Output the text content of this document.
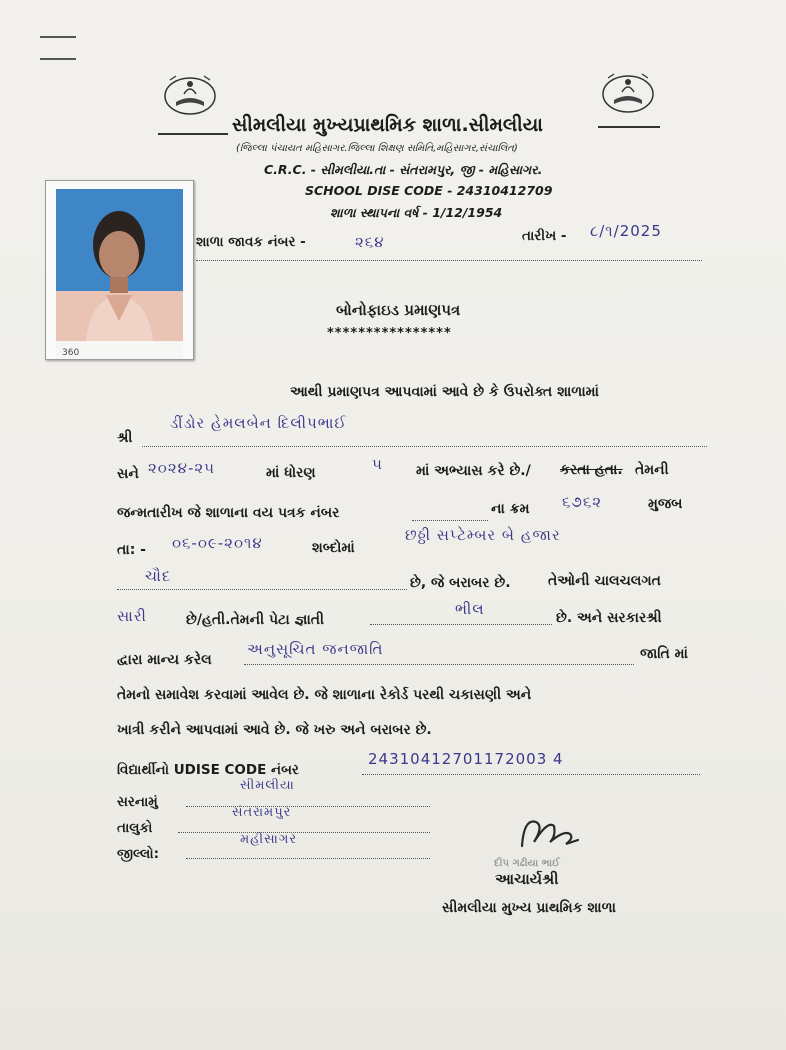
સીમલીયા મુખ્યપ્રાથમિક શાળા.સીમલીયા
(જિલ્લા પંચાયત મહિસાગર.જિલ્લા શિક્ષણ સમિતિ,મહિસાગર,સંચાલિત)
C.R.C. - સીમલીયા.તા - સંતરામપુર, જી - મહિસાગર.
SCHOOL DISE CODE - 24310412709
શાળા સ્થાપના વર્ષ - 1/12/1954
360
શાળા જાવક નંબર -	૨૬૪	તારીખ - ૮/૧/2025
બોનોફાઇડ પ્રમાણપત્ર
****************
આથી પ્રમાણપત્ર આપવામાં આવે છે કે ઉપરોક્ત શાળામાં
શ્રી
ડીંડોર હેમલબેન દિલીપભાઈ
સને ૨૦૨૪-૨૫	માં ધોરણ	૫ માં અભ્યાસ કરે છે./ કરતા હતા. તેમની
જન્મતારીખ જે શાળાના વય પત્રક નંબર	ના ક્રમ ૬૭૬૨	મુજબ
તા: - ૦૬-૦૯-૨૦૧૪	શબ્દોમાં
છઠ્ઠી સપ્ટેમ્બર બે હજાર
ચૌદ	છે, જે બરાબર છે.	તેઓની ચાલચલગત
સારી	છે/હતી.તેમની પેટા જ્ઞાતી
ભીલ	છે. અને સરકારશ્રી
દ્વારા માન્ય કરેલ
અનુસૂચિત જનજાતિ	જાતિ માં
તેમનો સમાવેશ કરવામાં આવેલ છે. જે શાળાના રેકોર્ડ પરથી ચકાસણી અને
ખાત્રી કરીને આપવામાં આવે છે. જે ખરુ અને બરાબર છે.
વિદ્યાર્થીનો UDISE CODE નંબર
24310412701172003 4
સરનામું
સીમલીયા
તાલુકો
સંતરામપુર
જીલ્લો:
મહીસાગર
દીપ ગઢીયા ભાઈ
આચાર્યશ્રી
સીમલીયા મુખ્ય પ્રાથમિક શાળા
